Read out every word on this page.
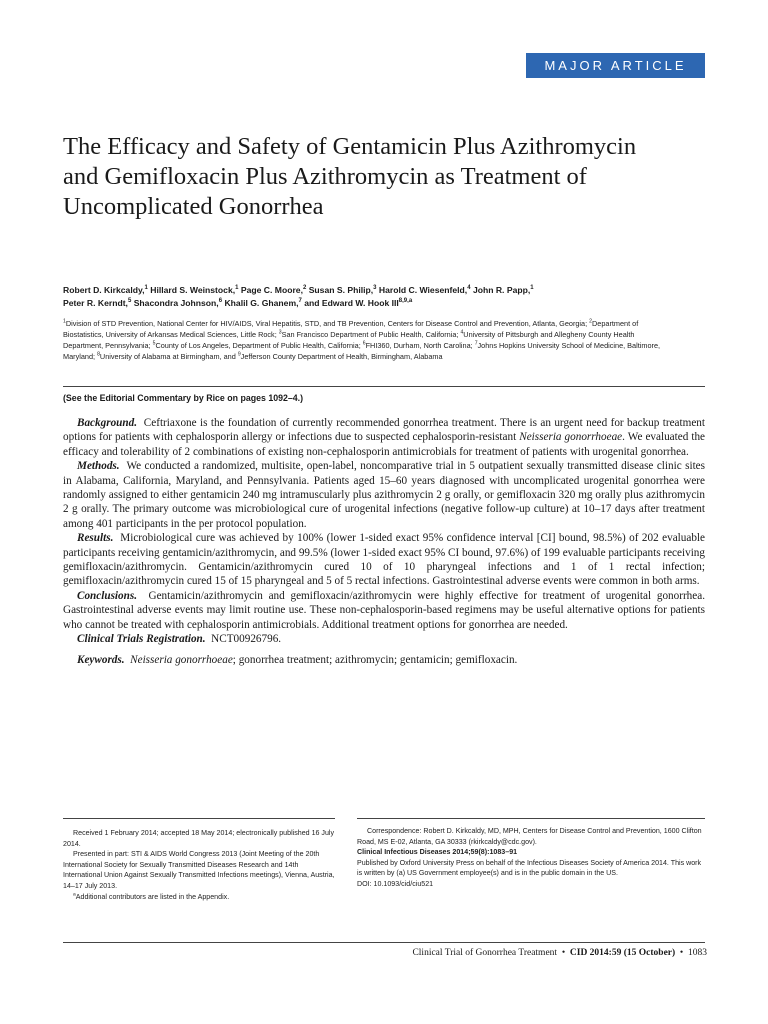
MAJOR ARTICLE
The Efficacy and Safety of Gentamicin Plus Azithromycin and Gemifloxacin Plus Azithromycin as Treatment of Uncomplicated Gonorrhea
Robert D. Kirkcaldy,$^1$ Hillard S. Weinstock,$^1$ Page C. Moore,$^2$ Susan S. Philip,$^3$ Harold C. Wiesenfeld,$^4$ John R. Papp,$^1$
Peter R. Kerndt,$^5$ Shacondra Johnson,$^6$ Khalil G. Ghanem,$^7$ and Edward W. Hook III$^{8,9,a}$
$^1$Division of STD Prevention, National Center for HIV/AIDS, Viral Hepatitis, STD, and TB Prevention, Centers for Disease Control and Prevention, Atlanta, Georgia; $^2$Department of Biostatistics, University of Arkansas Medical Sciences, Little Rock; $^3$San Francisco Department of Public Health, California; $^4$University of Pittsburgh and Allegheny County Health Department, Pennsylvania; $^5$County of Los Angeles, Department of Public Health, California; $^6$FHI360, Durham, North Carolina; $^7$Johns Hopkins University School of Medicine, Baltimore, Maryland; $^8$University of Alabama at Birmingham, and $^9$Jefferson County Department of Health, Birmingham, Alabama
(See the Editorial Commentary by Rice on pages 1092–4.)

Background. Ceftriaxone is the foundation of currently recommended gonorrhea treatment. There is an urgent need for backup treatment options for patients with cephalosporin allergy or infections due to suspected cephalosporin-resistant Neisseria gonorrhoeae. We evaluated the efficacy and tolerability of 2 combinations of existing non-cephalosporin antimicrobials for treatment of patients with urogenital gonorrhea.

Methods. We conducted a randomized, multisite, open-label, noncomparative trial in 5 outpatient sexually transmitted disease clinic sites in Alabama, California, Maryland, and Pennsylvania. Patients aged 15–60 years diagnosed with uncomplicated urogenital gonorrhea were randomly assigned to either gentamicin 240 mg intramuscularly plus azithromycin 2 g orally, or gemifloxacin 320 mg orally plus azithromycin 2 g orally. The primary outcome was microbiological cure of urogenital infections (negative follow-up culture) at 10–17 days after treatment among 401 participants in the per protocol population.

Results. Microbiological cure was achieved by 100% (lower 1-sided exact 95% confidence interval [CI] bound, 98.5%) of 202 evaluable participants receiving gentamicin/azithromycin, and 99.5% (lower 1-sided exact 95% CI bound, 97.6%) of 199 evaluable participants receiving gemifloxacin/azithromycin. Gentamicin/azithromycin cured 10 of 10 pharyngeal infections and 1 of 1 rectal infection; gemifloxacin/azithromycin cured 15 of 15 pharyngeal and 5 of 5 rectal infections. Gastrointestinal adverse events were common in both arms.

Conclusions. Gentamicin/azithromycin and gemifloxacin/azithromycin were highly effective for treatment of urogenital gonorrhea. Gastrointestinal adverse events may limit routine use. These non-cephalosporin-based regimens may be useful alternative options for patients who cannot be treated with cephalosporin antimicrobials. Additional treatment options for gonorrhea are needed.

Clinical Trials Registration. NCT00926796.

Keywords. Neisseria gonorrhoeae; gonorrhea treatment; azithromycin; gentamicin; gemifloxacin.

Received 1 February 2014; accepted 18 May 2014; electronically published 16 July 2014.

Presented in part: STI & AIDS World Congress 2013 (Joint Meeting of the 20th International Society for Sexually Transmitted Diseases Research and 14th International Union Against Sexually Transmitted Infections meetings), Vienna, Austria, 14–17 July 2013.

$^a$Additional contributors are listed in the Appendix.

Correspondence: Robert D. Kirkcaldy, MD, MPH, Centers for Disease Control and Prevention, 1600 Clifton Road, MS E-02, Atlanta, GA 30333 (rkirkcaldy@cdc.gov).

Clinical Infectious Diseases 2014;59(8):1083–91

Published by Oxford University Press on behalf of the Infectious Diseases Society of America 2014. This work is written by (a) US Government employee(s) and is in the public domain in the US.

DOI: 10.1093/cid/ciu521

Clinical Trial of Gonorrhea Treatment • CID 2014:59 (15 October) • 1083
